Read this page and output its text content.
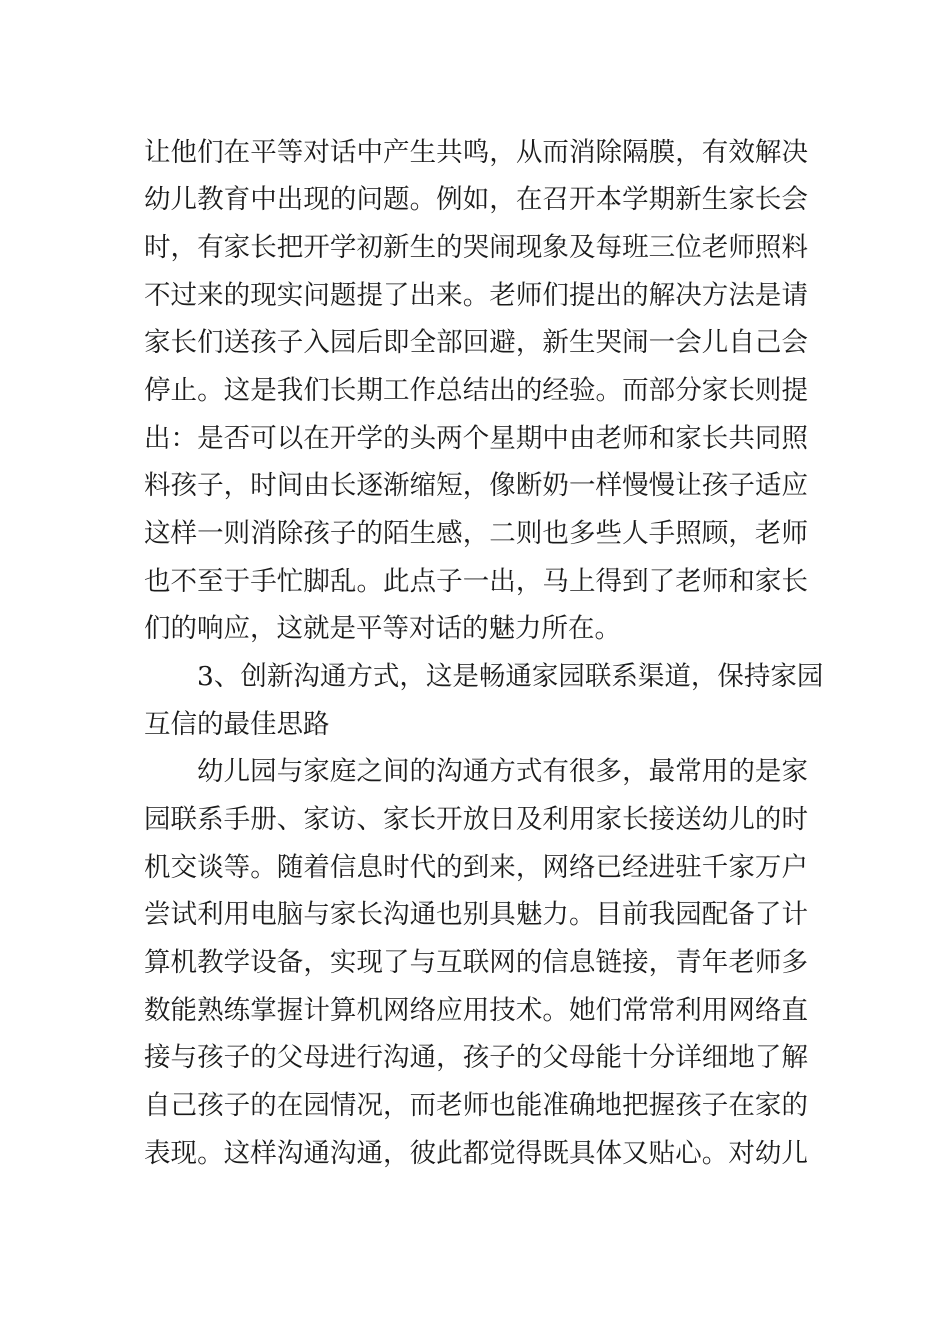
让他们在平等对话中产生共鸣，从而消除隔膜，有效解决
幼儿教育中出现的问题。例如，在召开本学期新生家长会
时，有家长把开学初新生的哭闹现象及每班三位老师照料
不过来的现实问题提了出来。老师们提出的解决方法是请
家长们送孩子入园后即全部回避，新生哭闹一会儿自己会
停止。这是我们长期工作总结出的经验。而部分家长则提
出：是否可以在开学的头两个星期中由老师和家长共同照
料孩子，时间由长逐渐缩短，像断奶一样慢慢让孩子适应
这样一则消除孩子的陌生感，二则也多些人手照顾，老师
也不至于手忙脚乱。此点子一出，马上得到了老师和家长
们的响应，这就是平等对话的魅力所在。
3、创新沟通方式，这是畅通家园联系渠道，保持家园
互信的最佳思路
幼儿园与家庭之间的沟通方式有很多，最常用的是家
园联系手册、家访、家长开放日及利用家长接送幼儿的时
机交谈等。随着信息时代的到来，网络已经进驻千家万户
尝试利用电脑与家长沟通也别具魅力。目前我园配备了计
算机教学设备，实现了与互联网的信息链接，青年老师多
数能熟练掌握计算机网络应用技术。她们常常利用网络直
接与孩子的父母进行沟通，孩子的父母能十分详细地了解
自己孩子的在园情况，而老师也能准确地把握孩子在家的
表现。这样沟通沟通，彼此都觉得既具体又贴心。对幼儿
